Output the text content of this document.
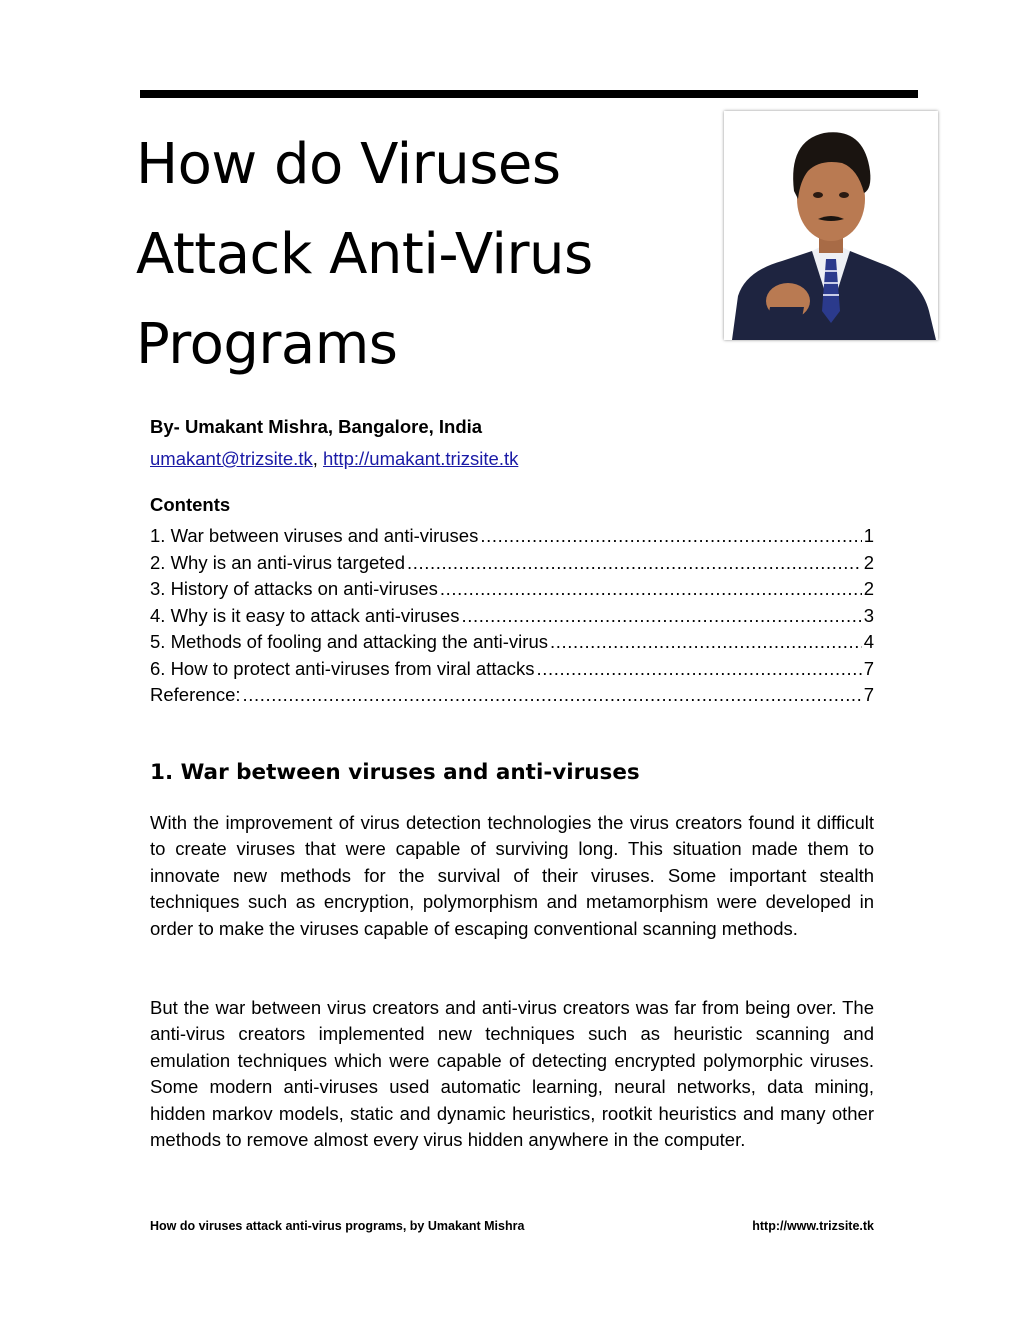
How do Viruses
Attack Anti-Virus
Programs
By- Umakant Mishra, Bangalore, India
umakant@trizsite.tk, http://umakant.trizsite.tk
Contents
1. War between viruses and anti-viruses .....	1
2. Why is an anti-virus targeted .....	2
3. History of attacks on anti-viruses .....	2
4. Why is it easy to attack anti-viruses .....	3
5. Methods of fooling and attacking the anti-virus .....	4
6. How to protect anti-viruses from viral attacks .....	7
Reference: .....	7
1. War between viruses and anti-viruses

With the improvement of virus detection technologies the virus creators found it difficult to create viruses that were capable of surviving long. This situation made them to innovate new methods for the survival of their viruses. Some important stealth techniques such as encryption, polymorphism and metamorphism were developed in order to make the viruses capable of escaping conventional scanning methods.

But the war between virus creators and anti-virus creators was far from being over. The anti-virus creators implemented new techniques such as heuristic scanning and emulation techniques which were capable of detecting encrypted polymorphic viruses. Some modern anti-viruses used automatic learning, neural networks, data mining, hidden markov models, static and dynamic heuristics, rootkit heuristics and many other methods to remove almost every virus hidden anywhere in the computer.

How do viruses attack anti-virus programs, by Umakant Mishra	http://www.trizsite.tk
